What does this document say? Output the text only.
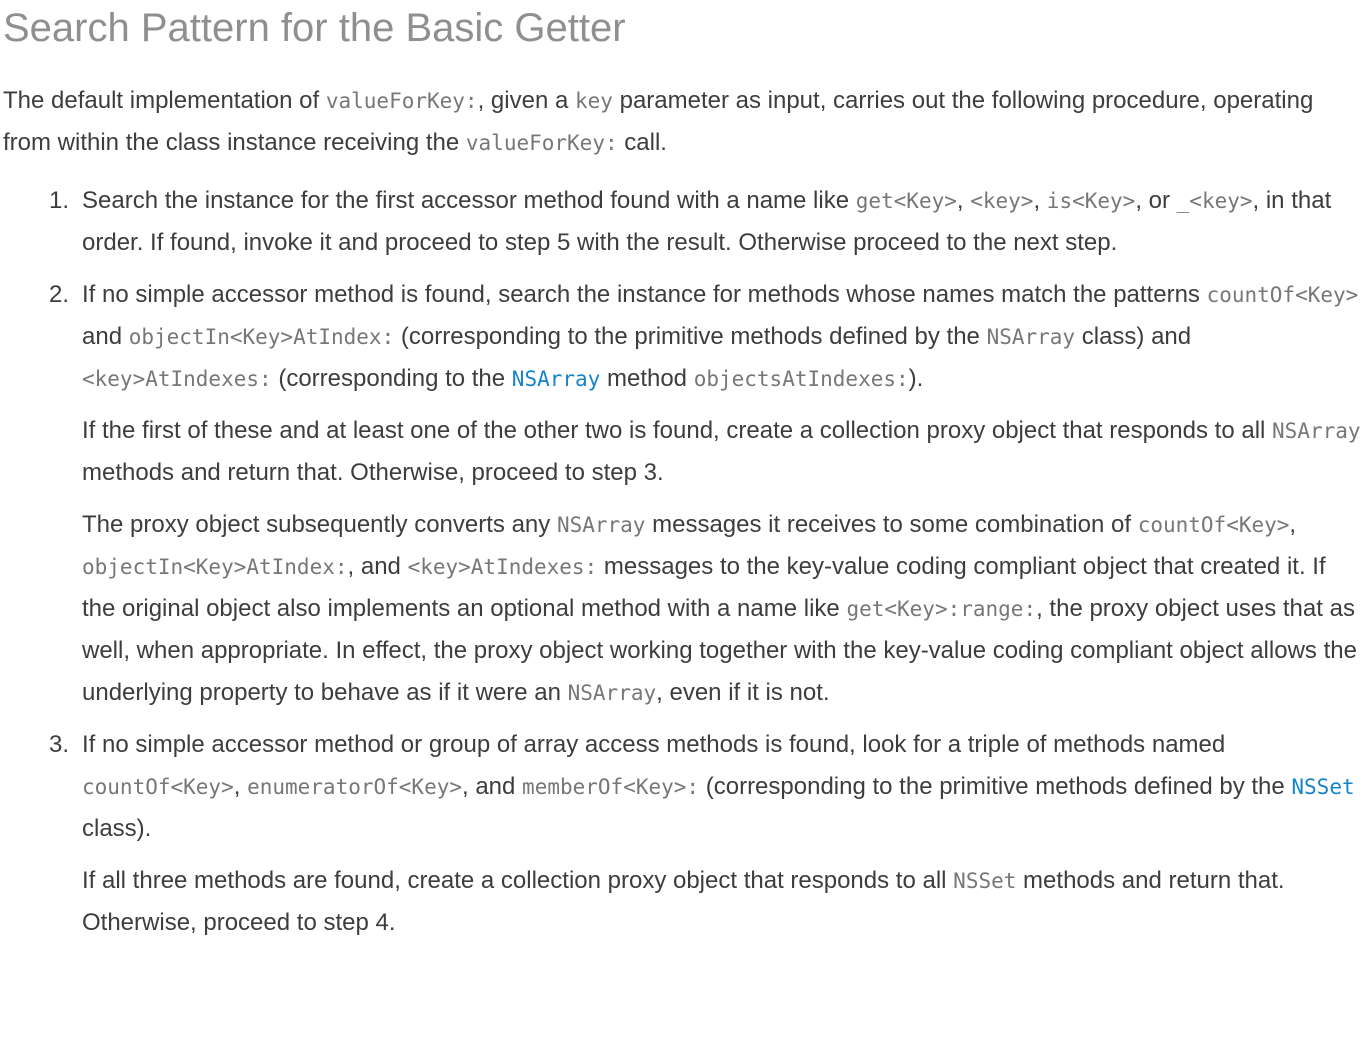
Search Pattern for the Basic Getter

The default implementation of valueForKey:, given a key parameter as input, carries out the following procedure, operating from within the class instance receiving the valueForKey: call.

1. Search the instance for the first accessor method found with a name like get<Key>, <key>, is<Key>, or _<key>, in that order. If found, invoke it and proceed to step 5 with the result. Otherwise proceed to the next step.

2. If no simple accessor method is found, search the instance for methods whose names match the patterns countOf<Key> and objectIn<Key>AtIndex: (corresponding to the primitive methods defined by the NSArray class) and <key>AtIndexes: (corresponding to the NSArray method objectsAtIndexes:).

If the first of these and at least one of the other two is found, create a collection proxy object that responds to all NSArray methods and return that. Otherwise, proceed to step 3.

The proxy object subsequently converts any NSArray messages it receives to some combination of countOf<Key>, objectIn<Key>AtIndex:, and <key>AtIndexes: messages to the key-value coding compliant object that created it. If the original object also implements an optional method with a name like get<Key>:range:, the proxy object uses that as well, when appropriate. In effect, the proxy object working together with the key-value coding compliant object allows the underlying property to behave as if it were an NSArray, even if it is not.

3. If no simple accessor method or group of array access methods is found, look for a triple of methods named countOf<Key>, enumeratorOf<Key>, and memberOf<Key>: (corresponding to the primitive methods defined by the NSSet class).

If all three methods are found, create a collection proxy object that responds to all NSSet methods and return that. Otherwise, proceed to step 4.
